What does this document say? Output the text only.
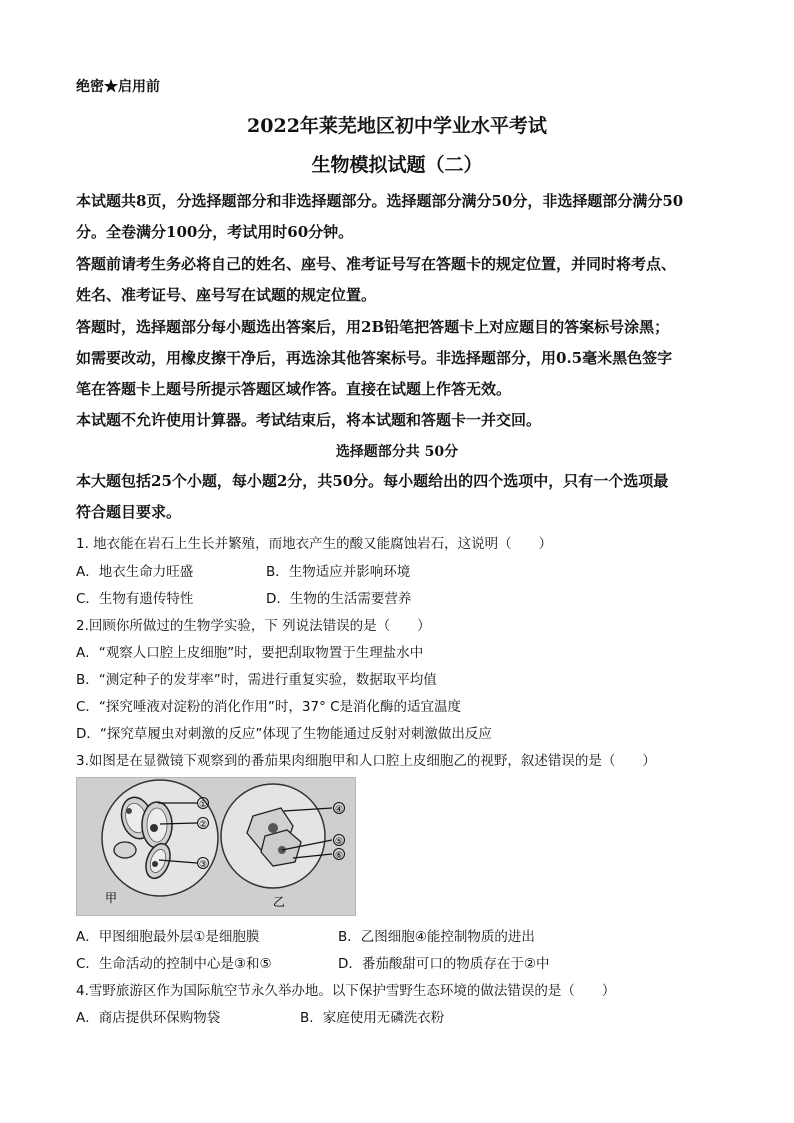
绝密★启用前
2022年莱芜地区初中学业水平考试
生物模拟试题（二）
本试题共8页，分选择题部分和非选择题部分。选择题部分满分50分，非选择题部分满分50
分。全卷满分100分，考试用时60分钟。
答题前请考生务必将自己的姓名、座号、准考证号写在答题卡的规定位置，并同时将考点、
姓名、准考证号、座号写在试题的规定位置。
答题时，选择题部分每小题选出答案后，用2B铅笔把答题卡上对应题目的答案标号涂黑；
如需要改动，用橡皮擦干净后，再选涂其他答案标号。非选择题部分，用0.5毫米黑色签字
笔在答题卡上题号所提示答题区域作答。直接在试题上作答无效。
本试题不允许使用计算器。考试结束后，将本试题和答题卡一并交回。
选择题部分共 50分
本大题包括25个小题，每小题2分，共50分。每小题给出的四个选项中，只有一个选项最
符合题目要求。
1. 地衣能在岩石上生长并繁殖，而地衣产生的酸又能腐蚀岩石，这说明（　　）
A．地衣生命力旺盛	B．生物适应并影响环境
C．生物有遗传特性	D．生物的生活需要营养
2.回顾你所做过的生物学实验，下 列说法错误的是（　　）
A．“观察人口腔上皮细胞”时，要把刮取物置于生理盐水中
B．“测定种子的发芽率”时，需进行重复实验，数据取平均值
C．“探究唾液对淀粉的消化作用”时，37° C是消化酶的适宜温度
D．“探究草履虫对刺激的反应”体现了生物能通过反射对刺激做出反应
3.如图是在显微镜下观察到的番茄果肉细胞甲和人口腔上皮细胞乙的视野，叙述错误的是（　　）
①
②
③
④
⑤
⑥
甲	乙
A．甲图细胞最外层①是细胞膜	B．乙图细胞④能控制物质的进出
C．生命活动的控制中心是③和⑤	D．番茄酸甜可口的物质存在于②中
4.雪野旅游区作为国际航空节永久举办地。以下保护雪野生态环境的做法错误的是（　　）
A．商店提供环保购物袋	B．家庭使用无磷洗衣粉
